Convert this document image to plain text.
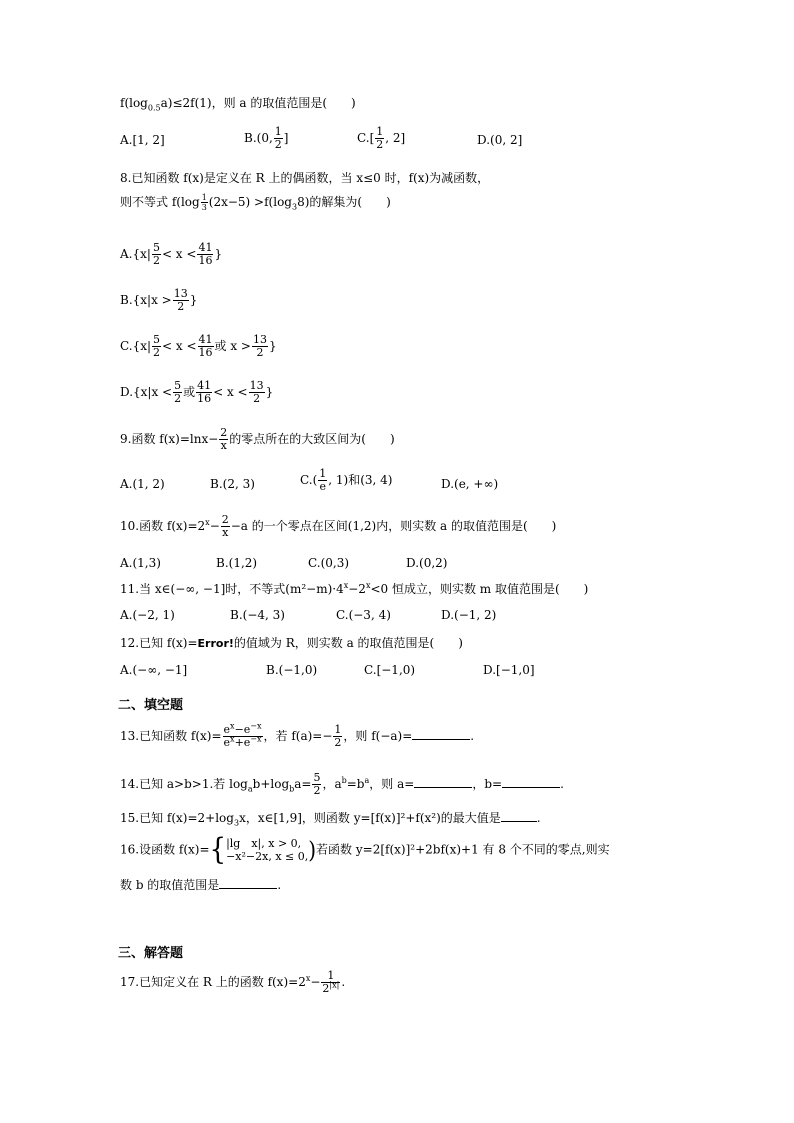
$f(\log_{0.5}a)\le 2f(1)$，则 a 的取值范围是(　　)
A.[1, 2]	B.(0, $\frac{1}{2}$ ]	$C.[ \frac{1}{2}$ , 2]	D.(0, 2]
8.已知函数 f(x)是定义在 R 上的偶函数，当 x≤0 时，f(x)为减函数，
则不等式 $f(\log \frac{1}{3} (2x-5) >f(\log_38)$的解集为(　　)
$A.\{x| \frac{5}{2} < x < \frac{41}{16}$ }
$B.\{x|x > \frac{13}{2}$ }
$C.\{x| \frac{5}{2} < x < \frac{41}{16}$ 或 $x > \frac{13}{2}$ }
$D.\{x|x < \frac{5}{2}$ 或 $\frac{41}{16} < x < \frac{13}{2}$ }
9.函数 $f(x)=\ln x- \frac{2}{x}$ 的零点所在的大致区间为(　　)
A.(1, 2)	B.(2, 3)	$C.( \frac{1}{e}$ , 1)和(3, 4)	D.(e, +∞)
10.函数 $f(x)=2^x- \frac{2}{x} -a$ 的一个零点在区间(1,2)内，则实数 a 的取值范围是(　　)
A.(1,3)	B.(1,2)	C.(0,3)	D.(0,2)
11.当 x∈(−∞, −1]时，不等式$(m^2-m)\cdot 4^x-2^x<0$ 恒成立，则实数 m 取值范围是(　　)
A.(−2, 1)	B.(−4, 3)	C.(−3, 4)	D.(−1, 2)
12.已知 f(x)=Error!的值域为 R，则实数 a 的取值范围是(　　)
A.(−∞, −1]	B.(−1,0)	C.[−1,0)	D.[−1,0]
二、填空题
13.已知函数 $f(x)= \frac{e^x-e^{-x}}{e^x+e^{-x}}$ ，若 $f(a)=- \frac{1}{2}$ ，则 f(−a)=	.
14.已知 a>b>1.若 $\log_ab+\log_ba= \frac{5}{2}$ ，$a^b=b^a$，则 a=	，b=	.
15.已知 $f(x)=2+\log_3x$，x∈[1,9]，则函数 y=[f(x)]²+f(x²)的最大值是	.
16.设函数 f(x)={ |lg　x|, x > 0,
−x²−2x, x ≤ 0, )若函数 y=2[f(x)]²+2bf(x)+1 有 8 个不同的零点,则实
数 b 的取值范围是	.
三、解答题
17.已知定义在 R 上的函数 $f(x)=2^x- \frac{1}{2^{|x|}}$ .
